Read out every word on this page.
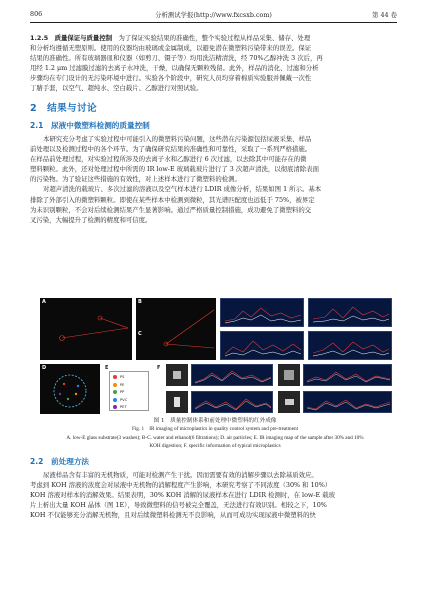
806	分析测试学报(http://www.fxcsxb.com)	第 44 卷
1.2.5　质量保证与质量控制　 为了保证实验结果的准确性，整个实验过程从样品采集、储存、处理
和分析均遵循无塑原则。使用的仪器均由玻璃或金属制成，以避免潜在微塑料污染带来的误差。保证
结果的准确性。所有玻璃器皿和仪器（如剪刀、镊子等）均用洗洁精清洗，经 70%乙醇冲洗 3 次后，再
用经 1.2 μm 过滤膜过滤的去离子水冲洗，干燥，以确保无颗粒残留。此外，样品的消化、过滤和分析
步骤均在专门设计的无污染环境中进行。实验各个阶段中，研究人员均穿着棉质实验服并佩戴一次性
丁腈手套，以空气、超纯水、空白载片、乙醇进行对照试验。
2　结果与讨论
2.1　尿液中微塑料检测的质量控制
本研究充分考虑了实验过程中可能引入的微塑料污染问题，这些潜在污染源包括尿液采集、样品
前处理以及检测过程中的各个环节。为了确保研究结果的准确性和可靠性，采取了一系列严格措施。
在样品前处理过程，对实验过程所涉及的去离子水和乙醇进行 6 次过滤，以去除其中可能存在的微
塑料颗粒。此外，还对处理过程中所需的 IR low-E 玻璃载玻片进行了 3 次超声清洗，以彻底清除表面
的污染物。为了验证这些措施的有效性，对上述样本进行了微塑料的检测。
对超声清洗的载玻片、多次过滤的溶液以及空气样本进行 LDIR 成像分析，结果如图 1 所示。基本
排除了外部引入的微塑料颗粒。即使在某些样本中检测到微粒，其光谱匹配度也远低于 75%，被界定
为未识别颗粒，不会对后续检测结果产生显著影响。通过严格质量控制措施，成功避免了微塑料的交
叉污染，大幅提升了检测的精度和可信度。
A	B
D	E
PS
PE
PP
PVC
PET
F
C
图 1　质量控制体系和前处理中微塑料的红外成像
Fig. 1　IR imaging of microplastics in quality control system and pre-treatment
A. low-E glass substrate(3 washes); B-C. water and ethanol(6 filtrations); D. air particles; E. IR imaging map of the sample after 30% and 10%
KOH digestion; F. specific information of typical microplastics
2.2　前处理方法
尿液样品含有丰富的无机物质，可能对检测产生干扰。因而需要有效的消解步骤以去除基质效应。
考虑到 KOH 溶液的浓度会对尿液中无机物的消解程度产生影响，本研究考察了不同浓度（30% 和 10%）
KOH 溶液对样本的消解效果。结果表明，30% KOH 消解的尿液样本在进行 LDIR 检测时，在 low-E 载玻
片上析出大量 KOH 晶体（图 1E），导致微塑料的信号被完全覆盖，无法进行有效识别。相较之下，10%
KOH 不仅能够充分消解无机物，且对后续微塑料检测无不良影响，从而可成功实现尿液中微塑料的快
